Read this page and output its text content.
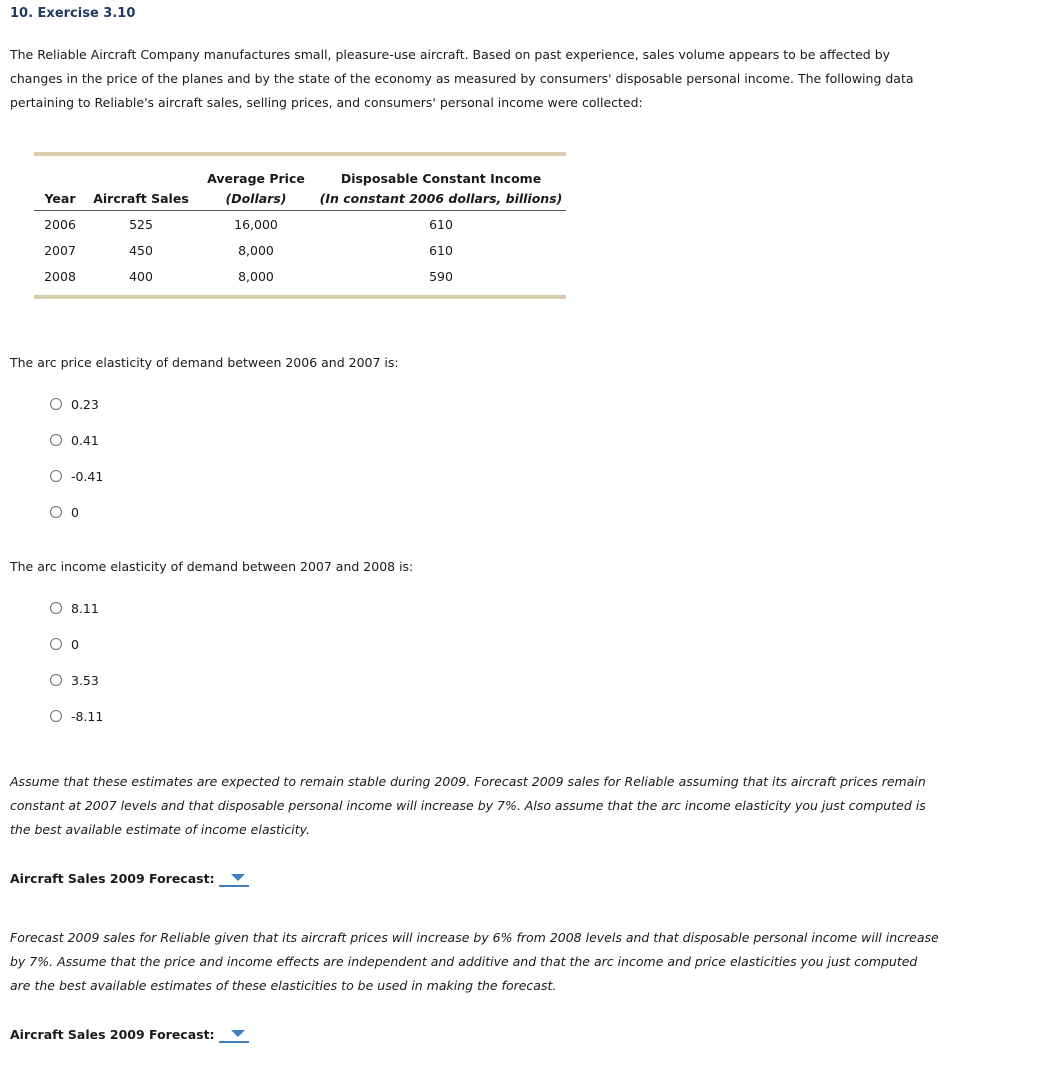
10. Exercise 3.10
The Reliable Aircraft Company manufactures small, pleasure-use aircraft. Based on past experience, sales volume appears to be affected by changes in the price of the planes and by the state of the economy as measured by consumers' disposable personal income. The following data pertaining to Reliable's aircraft sales, selling prices, and consumers' personal income were collected:
		Average Price	Disposable Constant Income
Year	Aircraft Sales	(Dollars)	(In constant 2006 dollars, billions)
2006	525	16,000	610
2007	450	8,000	610
2008	400	8,000	590
The arc price elasticity of demand between 2006 and 2007 is:
0.23
0.41
-0.41
0
The arc income elasticity of demand between 2007 and 2008 is:
8.11
0
3.53
-8.11
Assume that these estimates are expected to remain stable during 2009. Forecast 2009 sales for Reliable assuming that its aircraft prices remain constant at 2007 levels and that disposable personal income will increase by 7%. Also assume that the arc income elasticity you just computed is the best available estimate of income elasticity.
Aircraft Sales 2009 Forecast:
Forecast 2009 sales for Reliable given that its aircraft prices will increase by 6% from 2008 levels and that disposable personal income will increase by 7%. Assume that the price and income effects are independent and additive and that the arc income and price elasticities you just computed are the best available estimates of these elasticities to be used in making the forecast.
Aircraft Sales 2009 Forecast:
